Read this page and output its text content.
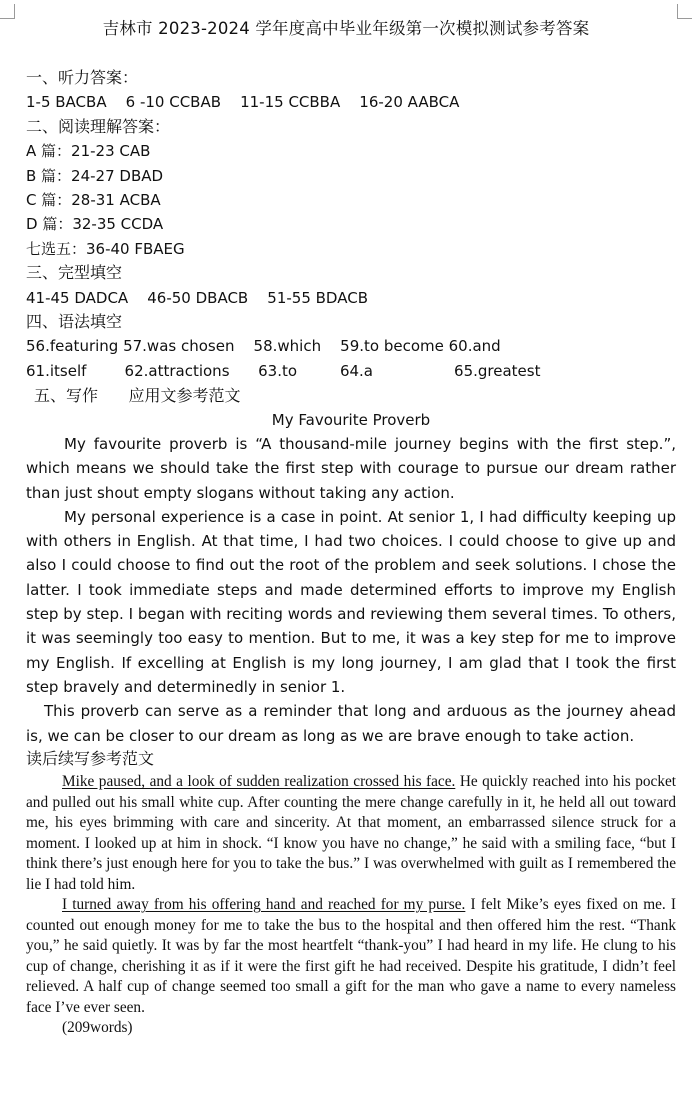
吉林市 2023-2024 学年度高中毕业年级第一次模拟测试参考答案
一、听力答案：
1-5 BACBA    6 -10 CCBAB    11-15 CCBBA    16-20 AABCA
二、阅读理解答案：
A 篇：21-23 CAB
B 篇：24-27 DBAD
C 篇：28-31 ACBA
D 篇：32-35 CCDA
七选五：36-40 FBAEG
三、完型填空
41-45 DADCA    46-50 DBACB    51-55 BDACB
四、语法填空
56.featuring 57.was chosen    58.which    59.to become 60.and
61.itself        62.attractions      63.to         64.a                 65.greatest
五、写作      应用文参考范文
My Favourite Proverb

My favourite proverb is “A thousand-mile journey begins with the first step.”, which means we should take the first step with courage to pursue our dream rather than just shout empty slogans without taking any action.

My personal experience is a case in point. At senior 1, I had difficulty keeping up with others in English. At that time, I had two choices. I could choose to give up and also I could choose to find out the root of the problem and seek solutions. I chose the latter. I took immediate steps and made determined efforts to improve my English step by step. I began with reciting words and reviewing them several times. To others, it was seemingly too easy to mention. But to me, it was a key step for me to improve my English. If excelling at English is my long journey, I am glad that I took the first step bravely and determinedly in senior 1.

This proverb can serve as a reminder that long and arduous as the journey ahead is, we can be closer to our dream as long as we are brave enough to take action.

读后续写参考范文

Mike paused, and a look of sudden realization crossed his face. He quickly reached into his pocket and pulled out his small white cup. After counting the mere change carefully in it, he held all out toward me, his eyes brimming with care and sincerity. At that moment, an embarrassed silence struck for a moment. I looked up at him in shock. “I know you have no change,” he said with a smiling face, “but I think there’s just enough here for you to take the bus.” I was overwhelmed with guilt as I remembered the lie I had told him.

I turned away from his offering hand and reached for my purse. I felt Mike’s eyes fixed on me. I counted out enough money for me to take the bus to the hospital and then offered him the rest. “Thank you,” he said quietly. It was by far the most heartfelt “thank-you” I had heard in my life. He clung to his cup of change, cherishing it as if it were the first gift he had received. Despite his gratitude, I didn’t feel relieved. A half cup of change seemed too small a gift for the man who gave a name to every nameless face I’ve ever seen.

(209words)
